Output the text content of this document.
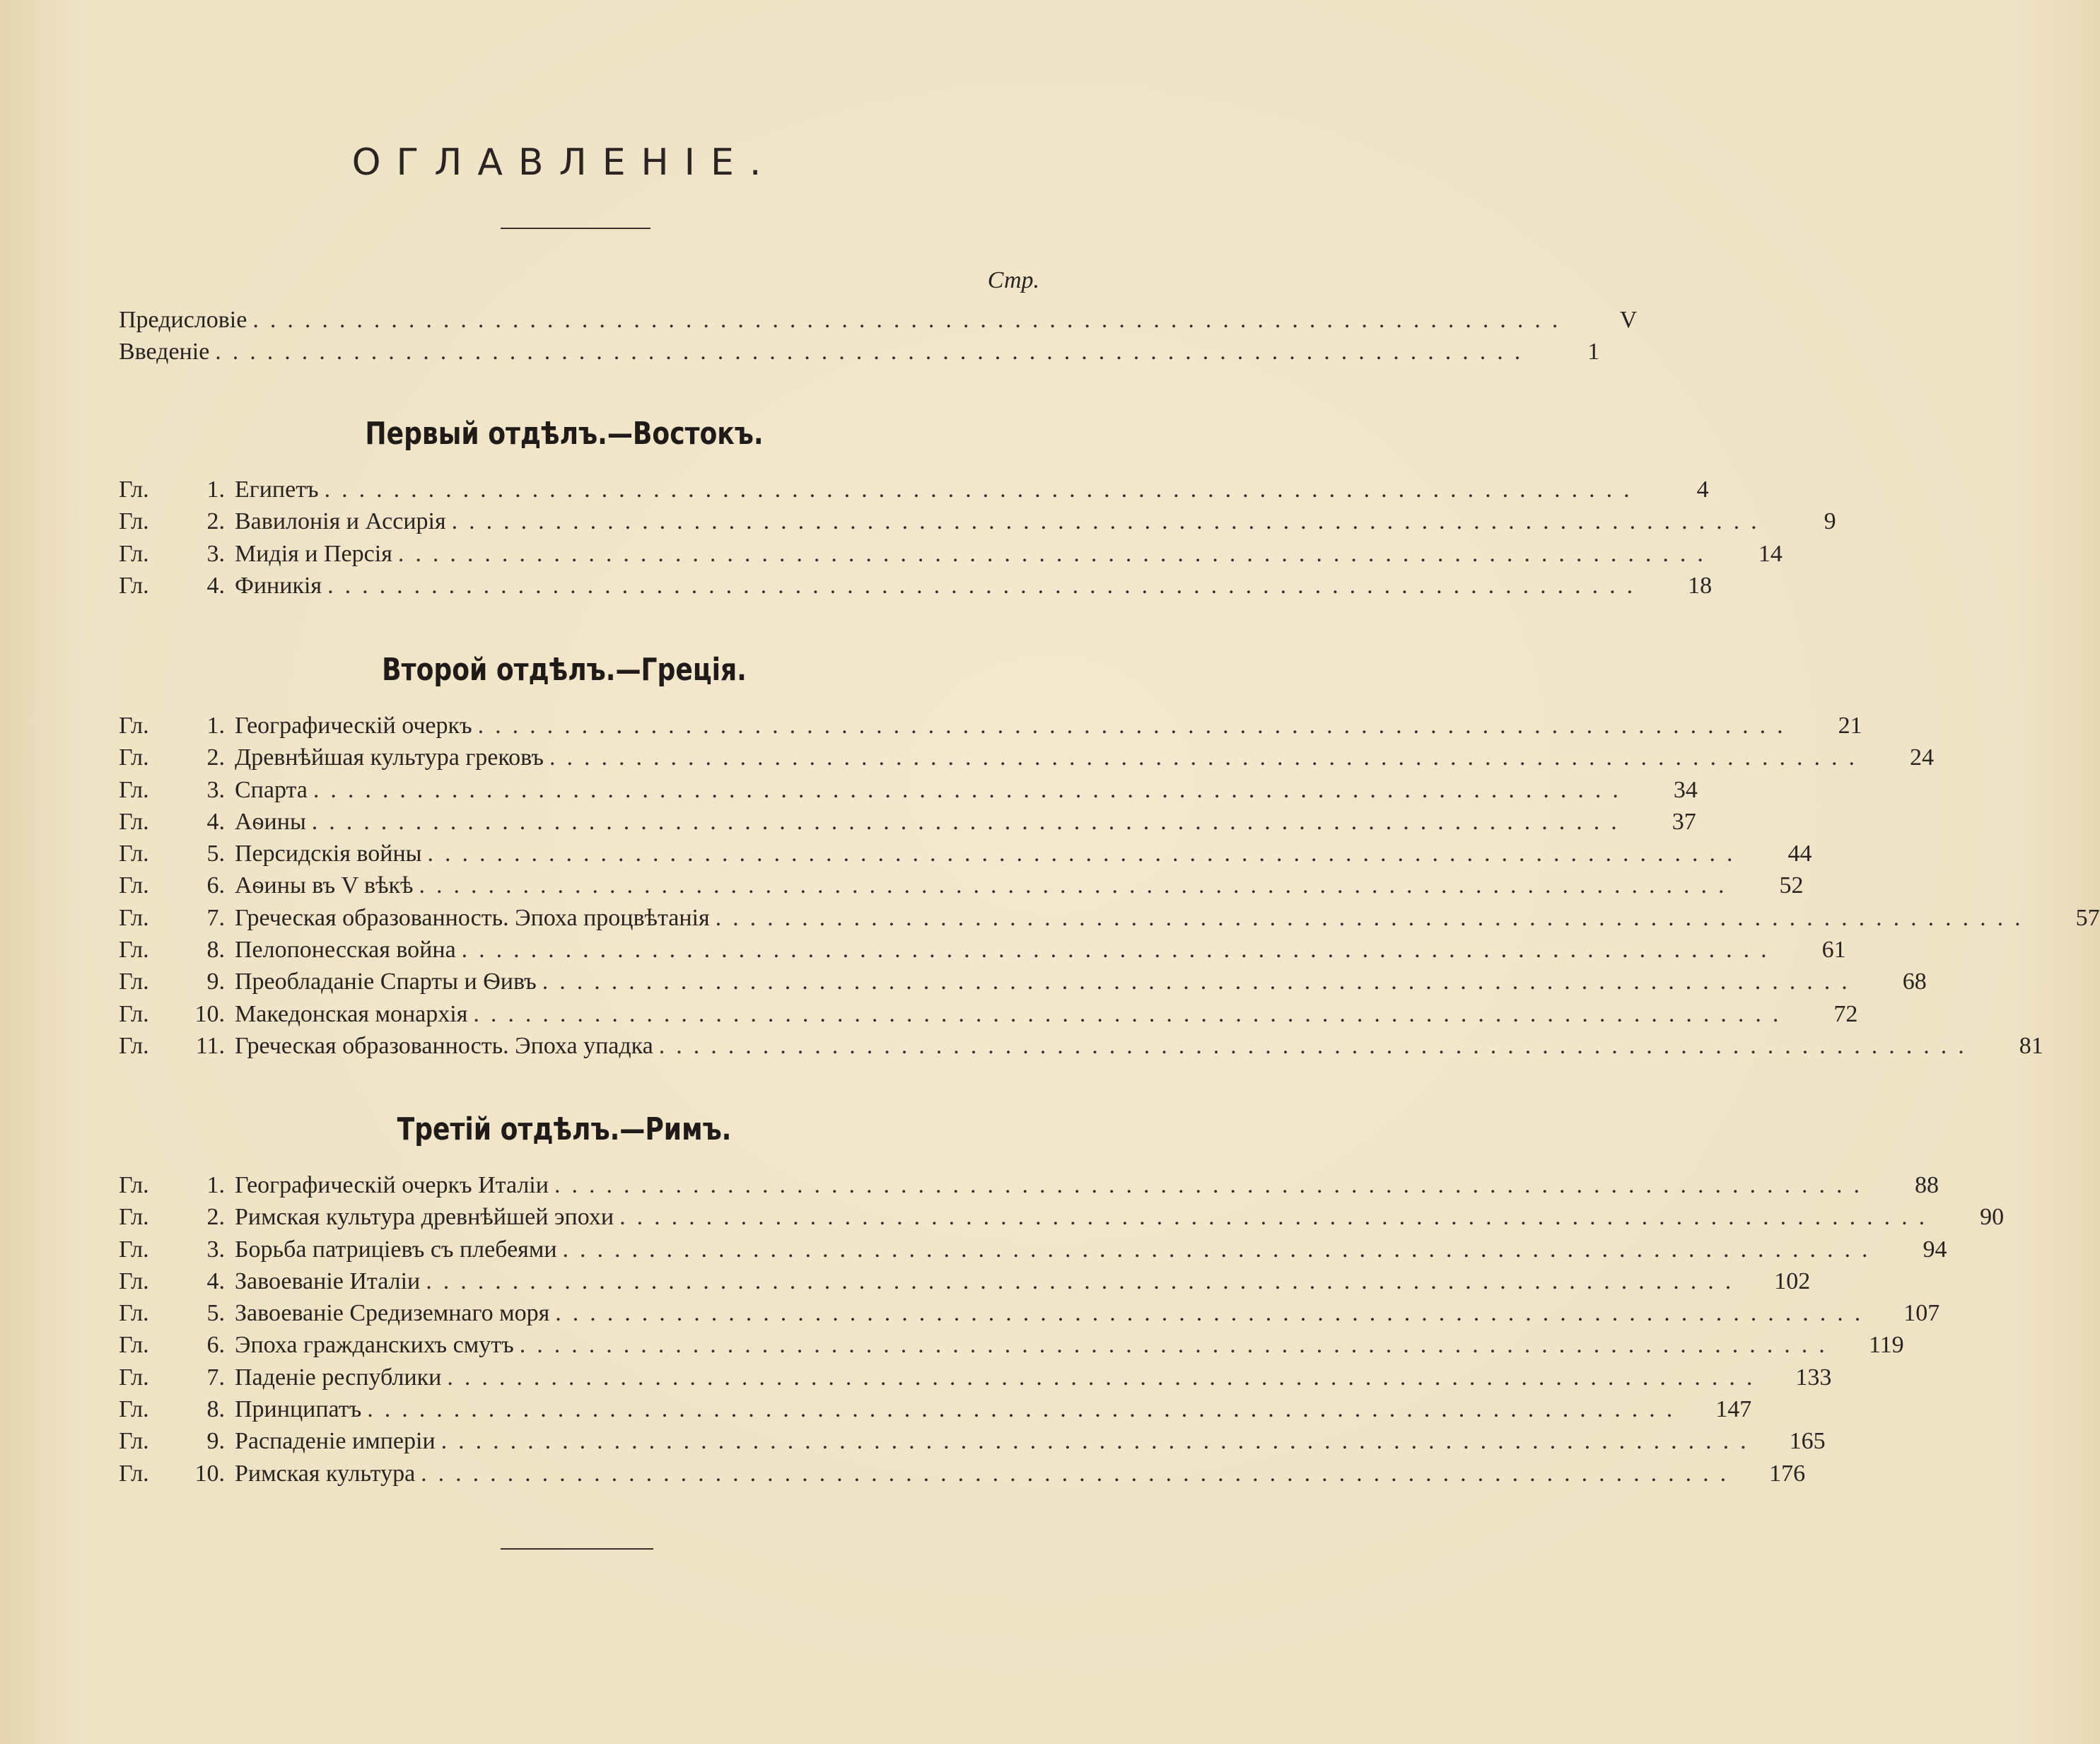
ОГЛАВЛЕНІЕ.
Стр.
Предисловіе ............................................................................	V
Введеніе ............................................................................	1
Первый отдѣлъ.—Востокъ.
Гл.	1. Египетъ ............................................................................	4
Гл.	2. Вавилонія и Ассирія ............................................................................	9
Гл.	3. Мидія и Персія ............................................................................	14
Гл.	4. Финикія ............................................................................	18
Второй отдѣлъ.—Греція.
Гл.	1. Географическій очеркъ ............................................................................	21
Гл.	2. Древнѣйшая культура грековъ ............................................................................	24
Гл.	3. Спарта ............................................................................	34
Гл.	4. Аѳины ............................................................................	37
Гл.	5. Персидскія войны ............................................................................	44
Гл.	6. Аѳины въ V вѣкѣ ............................................................................	52
Гл.	7. Греческая образованность. Эпоха процвѣтанія ............................................................................	57
Гл.	8. Пелопонесская война ............................................................................	61
Гл.	9. Преобладаніе Спарты и Ѳивъ ............................................................................	68
Гл.	10. Македонская монархія ............................................................................	72
Гл.	11. Греческая образованность. Эпоха упадка ............................................................................	81
Третій отдѣлъ.—Римъ.
Гл.	1. Географическій очеркъ Италіи ............................................................................	88
Гл.	2. Римская культура древнѣйшей эпохи ............................................................................	90
Гл.	3. Борьба патриціевъ съ плебеями ............................................................................	94
Гл.	4. Завоеваніе Италіи ............................................................................	102
Гл.	5. Завоеваніе Средиземнаго моря ............................................................................	107
Гл.	6. Эпоха гражданскихъ смутъ ............................................................................	119
Гл.	7. Паденіе республики ............................................................................	133
Гл.	8. Принципатъ ............................................................................	147
Гл.	9. Распаденіе имперіи ............................................................................	165
Гл.	10. Римская культура ............................................................................	176
